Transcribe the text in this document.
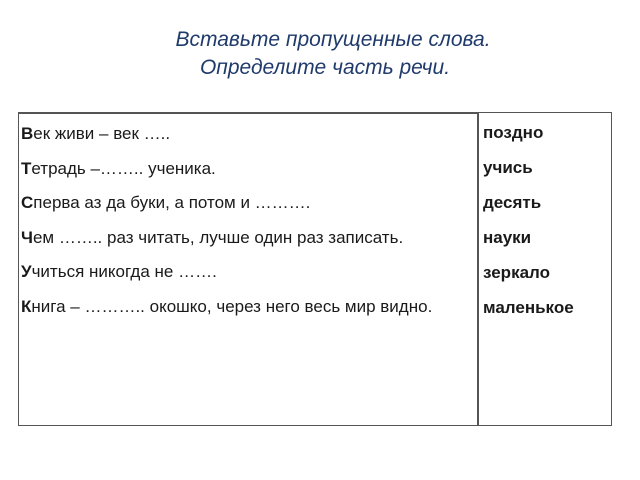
Вставьте пропущенные слова.
Определите часть речи.
Век живи – век …..
Тетрадь –…….. ученика.
Сперва аз да буки, а потом и ……….
Чем …….. раз читать, лучше один раз записать.
Учиться никогда не …….
Книга – ……….. окошко, через него весь мир видно.
поздно
учись
десять
науки
зеркало
маленькое
